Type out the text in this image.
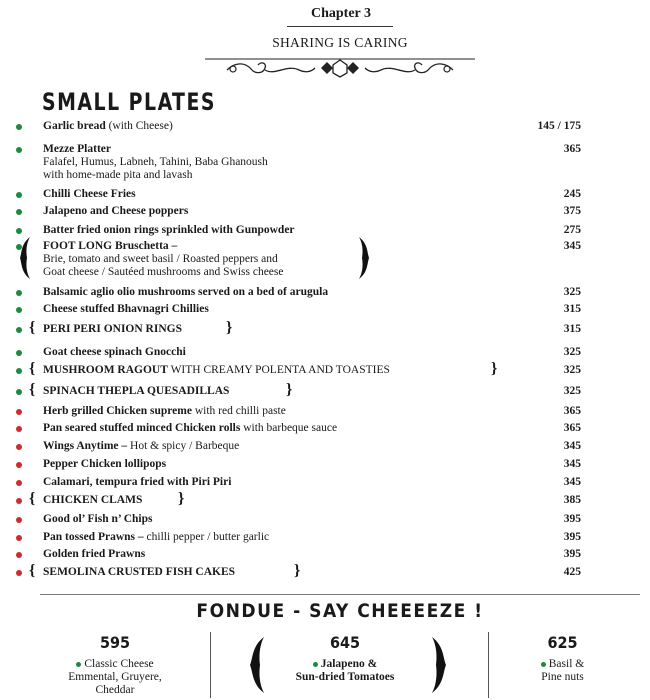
Chapter 3
SHARING IS CARING
SMALL PLATES
Garlic bread (with Cheese)	145 / 175
Mezze Platter
Falafel, Humus, Labneh, Tahini, Baba Ghanoush
with home-made pita and lavash
365
Chilli Cheese Fries	245
Jalapeno and Cheese poppers	375
Batter fried onion rings sprinkled with Gunpowder	275
FOOT LONG Bruschetta –
Brie, tomato and sweet basil / Roasted peppers and
Goat cheese / Sautéed mushrooms and Swiss cheese
345
Balsamic aglio olio mushrooms served on a bed of arugula	325
Cheese stuffed Bhavnagri Chillies	315
PERI PERI ONION RINGS	315
Goat cheese spinach Gnocchi	325
MUSHROOM RAGOUT WITH CREAMY POLENTA AND TOASTIES	325
SPINACH THEPLA QUESADILLAS	325
Herb grilled Chicken supreme with red chilli paste	365
Pan seared stuffed minced Chicken rolls with barbeque sauce	365
Wings Anytime – Hot & spicy / Barbeque	345
Pepper Chicken lollipops	345
Calamari, tempura fried with Piri Piri	345
CHICKEN CLAMS	385
Good ol’ Fish n’ Chips	395
Pan tossed Prawns – chilli pepper / butter garlic	395
Golden fried Prawns	395
SEMOLINA CRUSTED FISH CAKES	425
{	}
{	}
{	}
{	}
{	}
FONDUE - SAY CHEEEEZE !
595
Classic Cheese
Emmental, Gruyere,
Cheddar
645
Jalapeno &
Sun-dried Tomatoes
625
Basil &
Pine nuts
